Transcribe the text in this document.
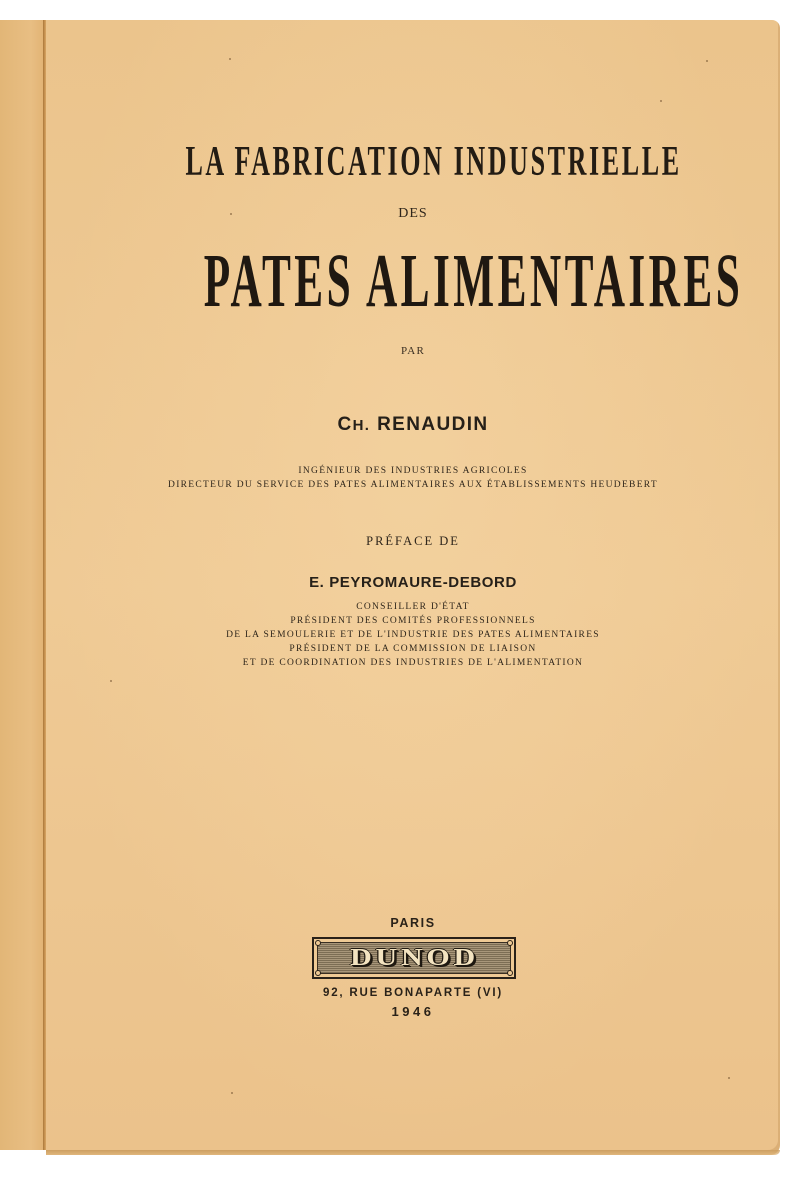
LA FABRICATION INDUSTRIELLE
DES
PATES ALIMENTAIRES
PAR
CH. RENAUDIN
INGÉNIEUR DES INDUSTRIES AGRICOLES
DIRECTEUR DU SERVICE DES PATES ALIMENTAIRES AUX ÉTABLISSEMENTS HEUDEBERT
PRÉFACE DE
E. PEYROMAURE-DEBORD
CONSEILLER D'ÉTAT
PRÉSIDENT DES COMITÉS PROFESSIONNELS
DE LA SEMOULERIE ET DE L'INDUSTRIE DES PATES ALIMENTAIRES
PRÉSIDENT DE LA COMMISSION DE LIAISON
ET DE COORDINATION DES INDUSTRIES DE L'ALIMENTATION
PARIS
DUNOD
92, RUE BONAPARTE (VI)
1946
